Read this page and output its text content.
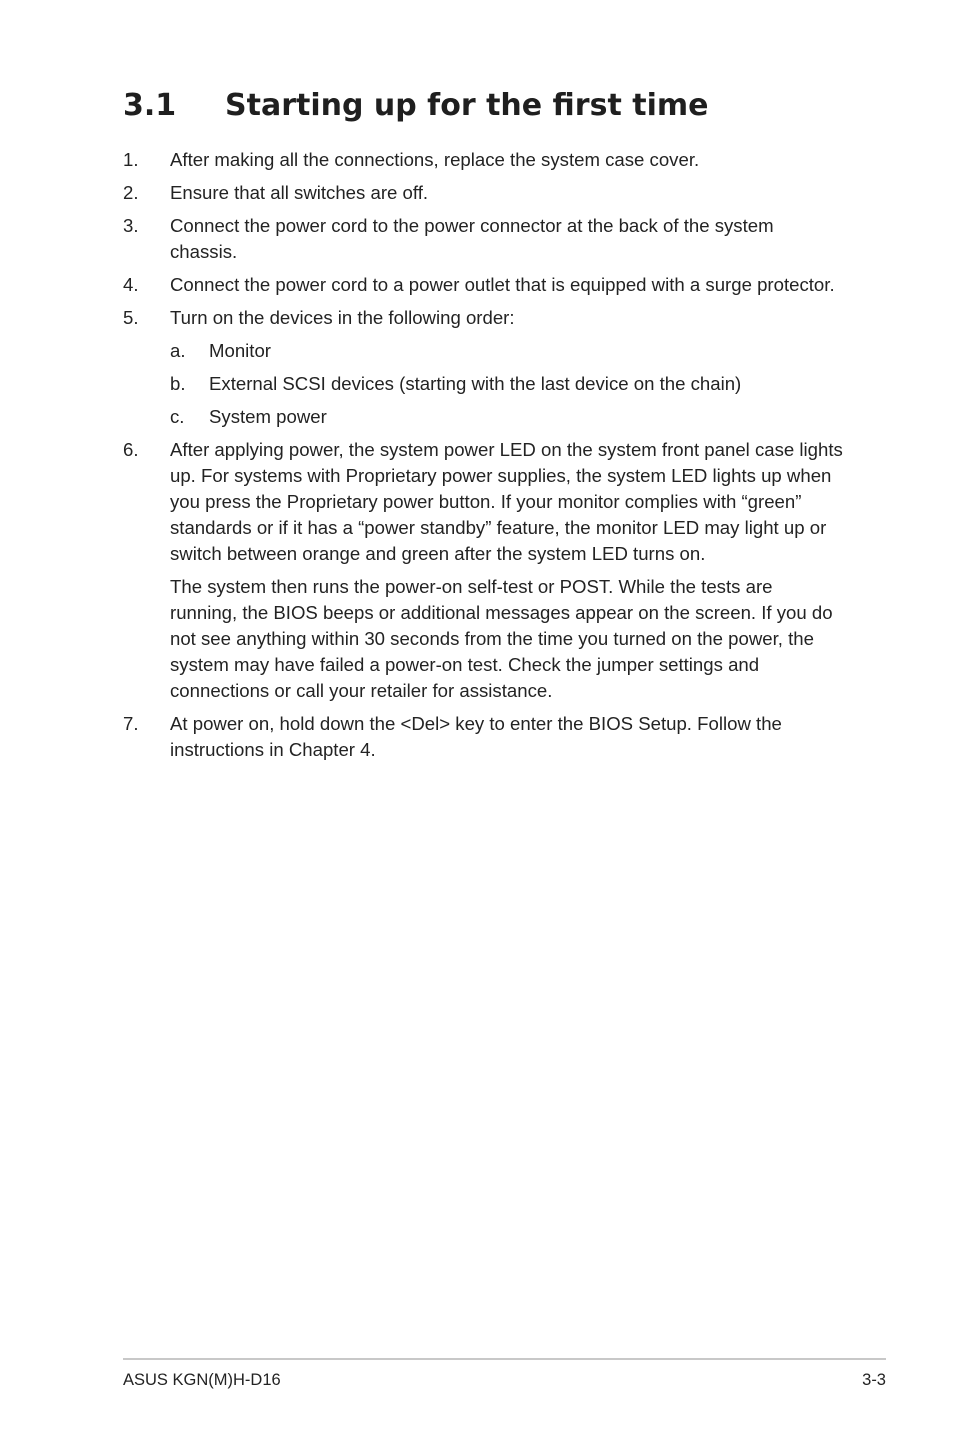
3.1 Starting up for the first time
1. After making all the connections, replace the system case cover.
2. Ensure that all switches are off.
3. Connect the power cord to the power connector at the back of the system chassis.
4. Connect the power cord to a power outlet that is equipped with a surge protector.
5. Turn on the devices in the following order:
a. Monitor
b. External SCSI devices (starting with the last device on the chain)
c. System power
6. After applying power, the system power LED on the system front panel case lights up. For systems with Proprietary power supplies, the system LED lights up when you press the Proprietary power button. If your monitor complies with “green” standards or if it has a “power standby” feature, the monitor LED may light up or switch between orange and green after the system LED turns on.
The system then runs the power-on self-test or POST. While the tests are running, the BIOS beeps or additional messages appear on the screen. If you do not see anything within 30 seconds from the time you turned on the power, the system may have failed a power-on test. Check the jumper settings and connections or call your retailer for assistance.
7. At power on, hold down the <Del> key to enter the BIOS Setup. Follow the instructions in Chapter 4.
ASUS KGN(M)H-D16	3-3
